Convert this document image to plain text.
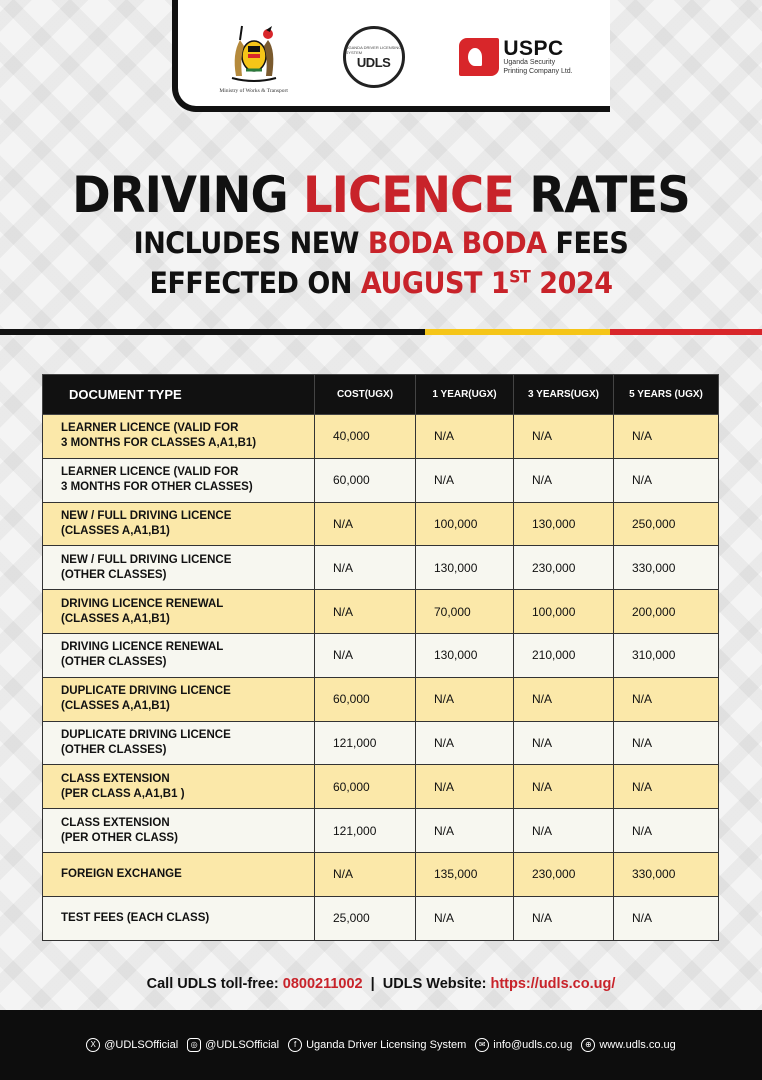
Ministry of Works & Transport
UGANDA DRIVER LICENSING SYSTEM
UDLS
USPC
Uganda Security
Printing Company Ltd.
DRIVING LICENCE RATES
INCLUDES NEW BODA BODA FEES
EFFECTED ON AUGUST 1ST 2024
DOCUMENT TYPE	COST(UGX)	1 YEAR(UGX)	3 YEARS(UGX)	5 YEARS (UGX)
LEARNER LICENCE (VALID FOR
3 MONTHS FOR CLASSES A,A1,B1)	40,000	N/A	N/A	N/A
LEARNER LICENCE (VALID FOR
3 MONTHS FOR OTHER CLASSES)	60,000	N/A	N/A	N/A
NEW / FULL DRIVING LICENCE
(CLASSES A,A1,B1)	N/A	100,000	130,000	250,000
NEW / FULL DRIVING LICENCE
(OTHER CLASSES)	N/A	130,000	230,000	330,000
DRIVING LICENCE RENEWAL
(CLASSES A,A1,B1)	N/A	70,000	100,000	200,000
DRIVING LICENCE RENEWAL
(OTHER CLASSES)	N/A	130,000	210,000	310,000
DUPLICATE DRIVING LICENCE
(CLASSES A,A1,B1)	60,000	N/A	N/A	N/A
DUPLICATE DRIVING LICENCE
(OTHER CLASSES)	121,000	N/A	N/A	N/A
CLASS EXTENSION
(PER CLASS A,A1,B1 )	60,000	N/A	N/A	N/A
CLASS EXTENSION
(PER OTHER CLASS)	121,000	N/A	N/A	N/A
FOREIGN EXCHANGE	N/A	135,000	230,000	330,000
TEST FEES (EACH CLASS)	25,000	N/A	N/A	N/A
Call UDLS toll-free: 0800211002  |  UDLS Website: https://udls.co.ug/
X @UDLSOfficial	◎ @UDLSOfficial	f Uganda Driver Licensing System	✉ info@udls.co.ug	⊕ www.udls.co.ug
